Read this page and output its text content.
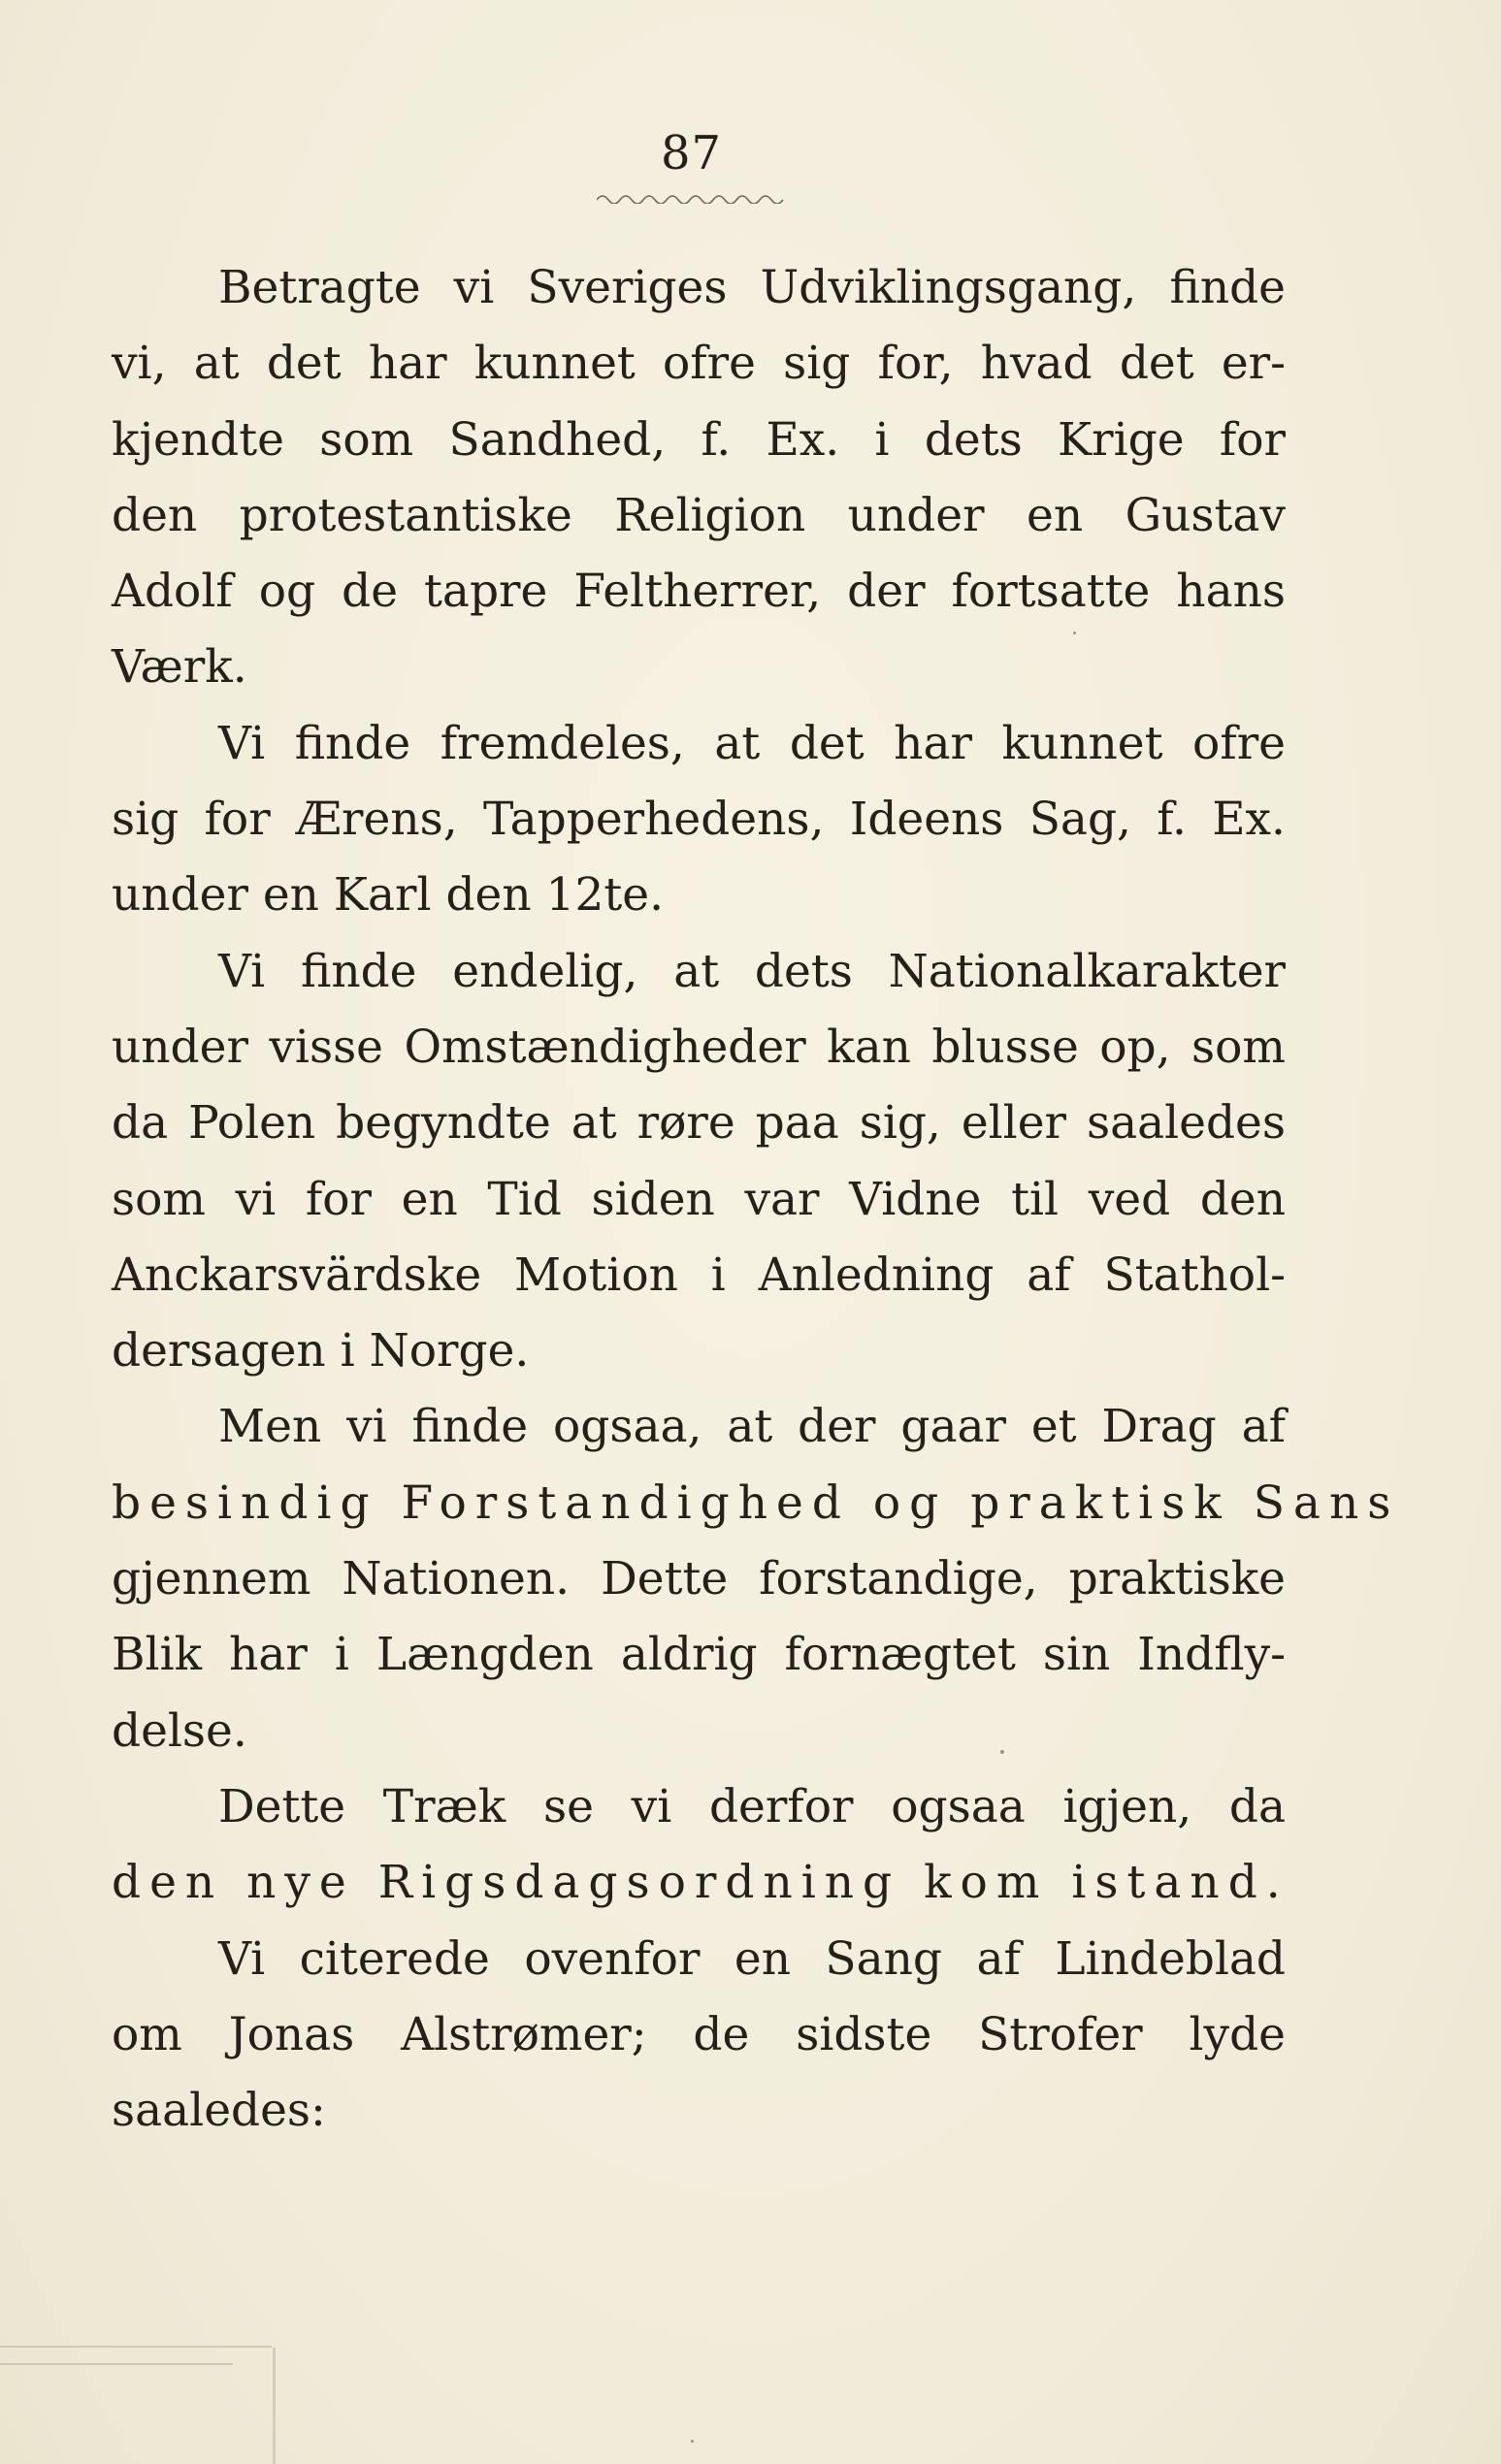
87
Betragte vi Sveriges Udviklingsgang, finde
vi, at det har kunnet ofre sig for, hvad det er-
kjendte som Sandhed, f. Ex. i dets Krige for
den protestantiske Religion under en Gustav
Adolf og de tapre Feltherrer, der fortsatte hans
Værk.
Vi finde fremdeles, at det har kunnet ofre
sig for Ærens, Tapperhedens, Ideens Sag, f. Ex.
under en Karl den 12te.
Vi finde endelig, at dets Nationalkarakter
under visse Omstændigheder kan blusse op, som
da Polen begyndte at røre paa sig, eller saaledes
som vi for en Tid siden var Vidne til ved den
Anckarsvärdske Motion i Anledning af Stathol-
dersagen i Norge.
Men vi finde ogsaa, at der gaar et Drag af
besindig Forstandighed og praktisk Sans
gjennem Nationen. Dette forstandige, praktiske
Blik har i Længden aldrig fornægtet sin Indfly-
delse.
Dette Træk se vi derfor ogsaa igjen, da
den nye Rigsdagsordning kom istand.
Vi citerede ovenfor en Sang af Lindeblad
om Jonas Alstrømer; de sidste Strofer lyde
saaledes:
